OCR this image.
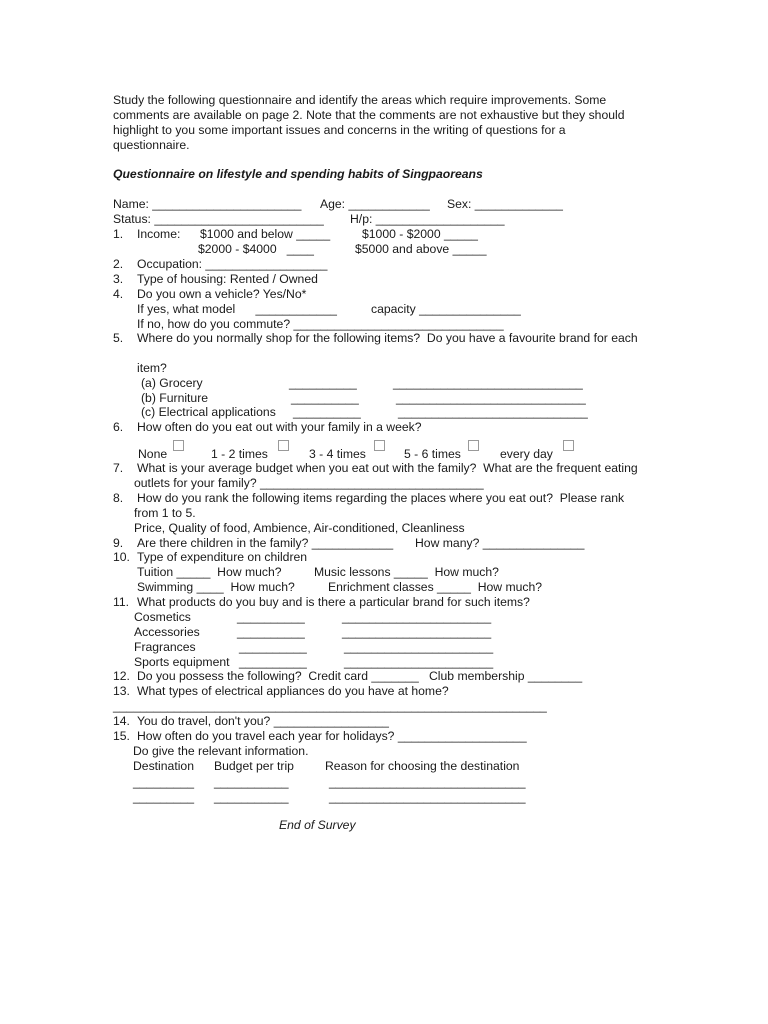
Study the following questionnaire and identify the areas which require improvements. Some
comments are available on page 2. Note that the comments are not exhaustive but they should
highlight to you some important issues and concerns in the writing of questions for a
questionnaire.
Questionnaire on lifestyle and spending habits of Singpaoreans
Name: ______________________ Age: ____________ Sex: _____________
Status: _________________________ H/p: ___________________
1. Income: $1000 and below _____	$1000 - $2000 _____
$2000 - $4000   ____	$5000 and above _____
2. Occupation: __________________
3. Type of housing: Rented / Owned
4. Do you own a vehicle? Yes/No*
If yes, what model      ____________	capacity _______________
If no, how do you commute? _______________________________
5. Where do you normally shop for the following items?  Do you have a favourite brand for each
item?
(a) Grocery	__________	____________________________
(b) Furniture	__________	____________________________
(c) Electrical applications __________	____________________________
6. How often do you eat out with your family in a week?
None	1 - 2 times	3 - 4 times	5 - 6 times	every day
7. What is your average budget when you eat out with the family?  What are the frequent eating
outlets for your family? _________________________________
8. How do you rank the following items regarding the places where you eat out?  Please rank
from 1 to 5.
Price, Quality of food, Ambience, Air-conditioned, Cleanliness
9. Are there children in the family? ____________ How many? _______________
10. Type of expenditure on children
Tuition _____  How much?	Music lessons _____  How much?
Swimming ____  How much?	Enrichment classes _____  How much?
11. What products do you buy and is there a particular brand for such items?
Cosmetics	__________	______________________
Accessories	__________	______________________
Fragrances	__________	______________________
Sports equipment __________	______________________
12. Do you possess the following?  Credit card _______   Club membership ________
13. What types of electrical appliances do you have at home?
________________________________________________________________
14. You do travel, don't you? _________________
15. How often do you travel each year for holidays? ___________________
Do give the relevant information.
Destination Budget per trip	Reason for choosing the destination
_________ ___________	_____________________________
_________ ___________	_____________________________
End of Survey
